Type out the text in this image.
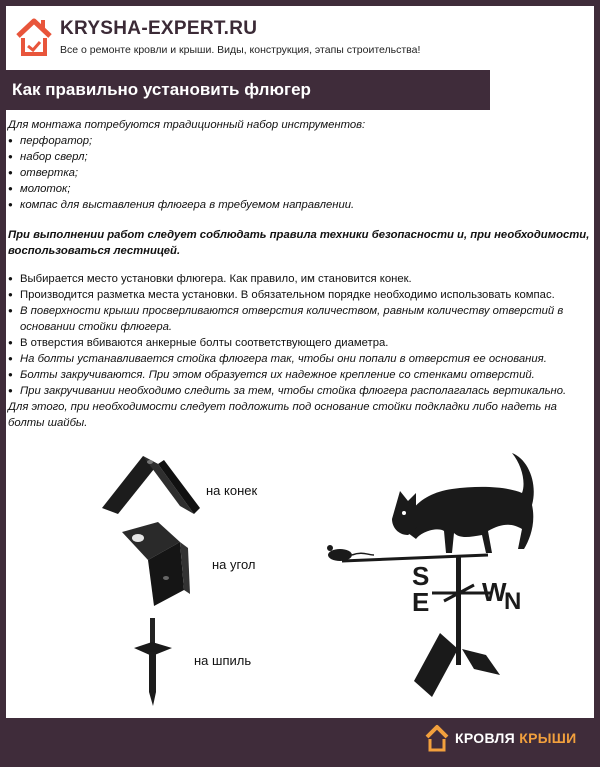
KRYSHA-EXPERT.RU
Все о ремонте кровли и крыши. Виды, конструкция, этапы строительства!
Как правильно установить флюгер

Для монтажа потребуются традиционный набор инструментов:

● перфоратор;
● набор сверл;
● отвертка;
● молоток;
● компас для выставления флюгера в требуемом направлении.

При выполнении работ следует соблюдать правила техники безопасности и, при необходимости, воспользоваться лестницей.

● Выбирается место установки флюгера. Как правило, им становится конек.
● Производится разметка места установки. В обязательном порядке необходимо использовать компас.
● В поверхности крыши просверливаются отверстия количеством, равным количеству отверстий в основании стойки флюгера.
● В отверстия вбиваются анкерные болты соответствующего диаметра.
● На болты устанавливается стойка флюгера так, чтобы они попали в отверстия ее основания.
● Болты закручиваются. При этом образуется их надежное крепление со стенками отверстий.
● При закручивании необходимо следить за тем, чтобы стойка флюгера располагалась вертикально.

Для этого, при необходимости следует подложить под основание стойки подкладки либо надеть на болты шайбы.

на конек
на угол
на шпиль
S
E W
N
КРОВЛЯ КРЫШИ
